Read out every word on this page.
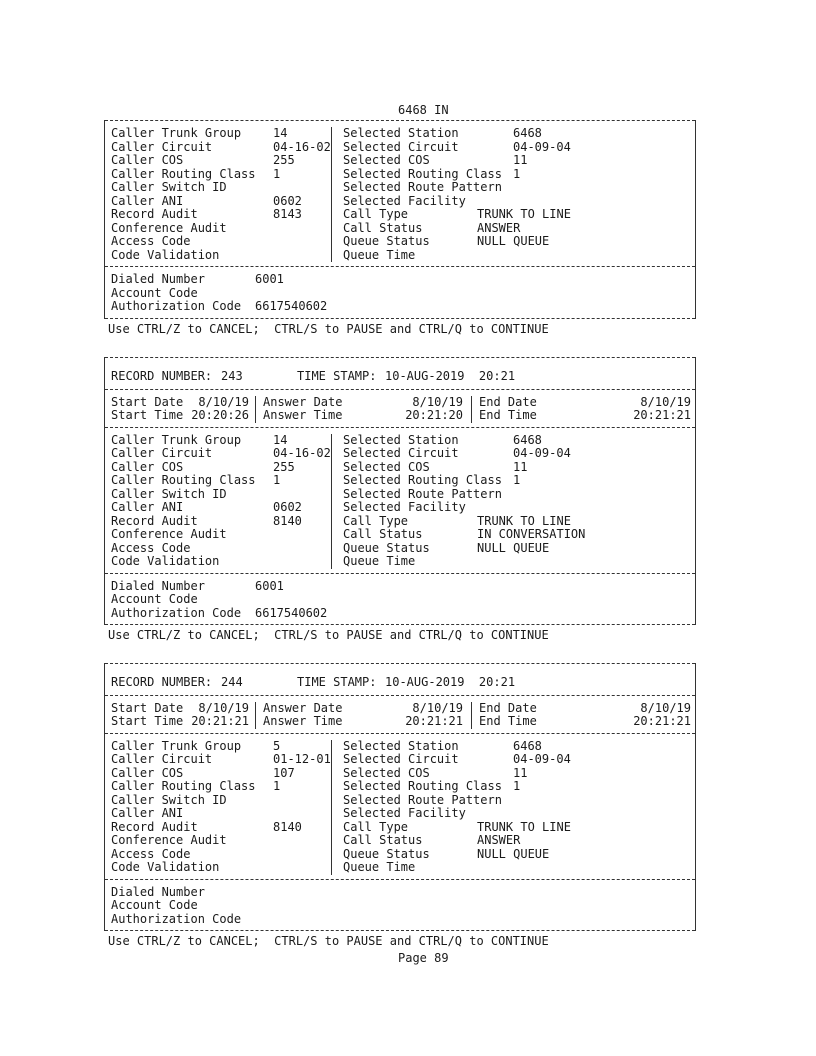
6468 IN
Caller Trunk Group	14	Selected Station	6468
Caller Circuit	04-16-02 Selected Circuit	04-09-04
Caller COS	255	Selected COS	11
Caller Routing Class 1	Selected Routing Class 1
Caller Switch ID	Selected Route Pattern
Caller ANI	0602	Selected Facility
Record Audit	8143	Call Type	TRUNK TO LINE
Conference Audit	Call Status	ANSWER
Access Code	Queue Status	NULL QUEUE
Code Validation	Queue Time
Dialed Number	6001
Account Code
Authorization Code 6617540602
Use CTRL/Z to CANCEL;  CTRL/S to PAUSE and CTRL/Q to CONTINUE
RECORD NUMBER: 243	TIME STAMP: 10-AUG-2019  20:21
Start Date 8/10/19 Answer Date	8/10/19 End Date	8/10/19
Start Time 20:20:26 Answer Time	20:21:20 End Time	20:21:21
Caller Trunk Group	14	Selected Station	6468
Caller Circuit	04-16-02 Selected Circuit	04-09-04
Caller COS	255	Selected COS	11
Caller Routing Class 1	Selected Routing Class 1
Caller Switch ID	Selected Route Pattern
Caller ANI	0602	Selected Facility
Record Audit	8140	Call Type	TRUNK TO LINE
Conference Audit	Call Status	IN CONVERSATION
Access Code	Queue Status	NULL QUEUE
Code Validation	Queue Time
Dialed Number	6001
Account Code
Authorization Code 6617540602
Use CTRL/Z to CANCEL;  CTRL/S to PAUSE and CTRL/Q to CONTINUE
RECORD NUMBER: 244	TIME STAMP: 10-AUG-2019  20:21
Start Date 8/10/19 Answer Date	8/10/19 End Date	8/10/19
Start Time 20:21:21 Answer Time	20:21:21 End Time	20:21:21
Caller Trunk Group	5	Selected Station	6468
Caller Circuit	01-12-01 Selected Circuit	04-09-04
Caller COS	107	Selected COS	11
Caller Routing Class 1	Selected Routing Class 1
Caller Switch ID	Selected Route Pattern
Caller ANI	Selected Facility
Record Audit	8140	Call Type	TRUNK TO LINE
Conference Audit	Call Status	ANSWER
Access Code	Queue Status	NULL QUEUE
Code Validation	Queue Time
Dialed Number
Account Code
Authorization Code
Use CTRL/Z to CANCEL;  CTRL/S to PAUSE and CTRL/Q to CONTINUE
Page 89
